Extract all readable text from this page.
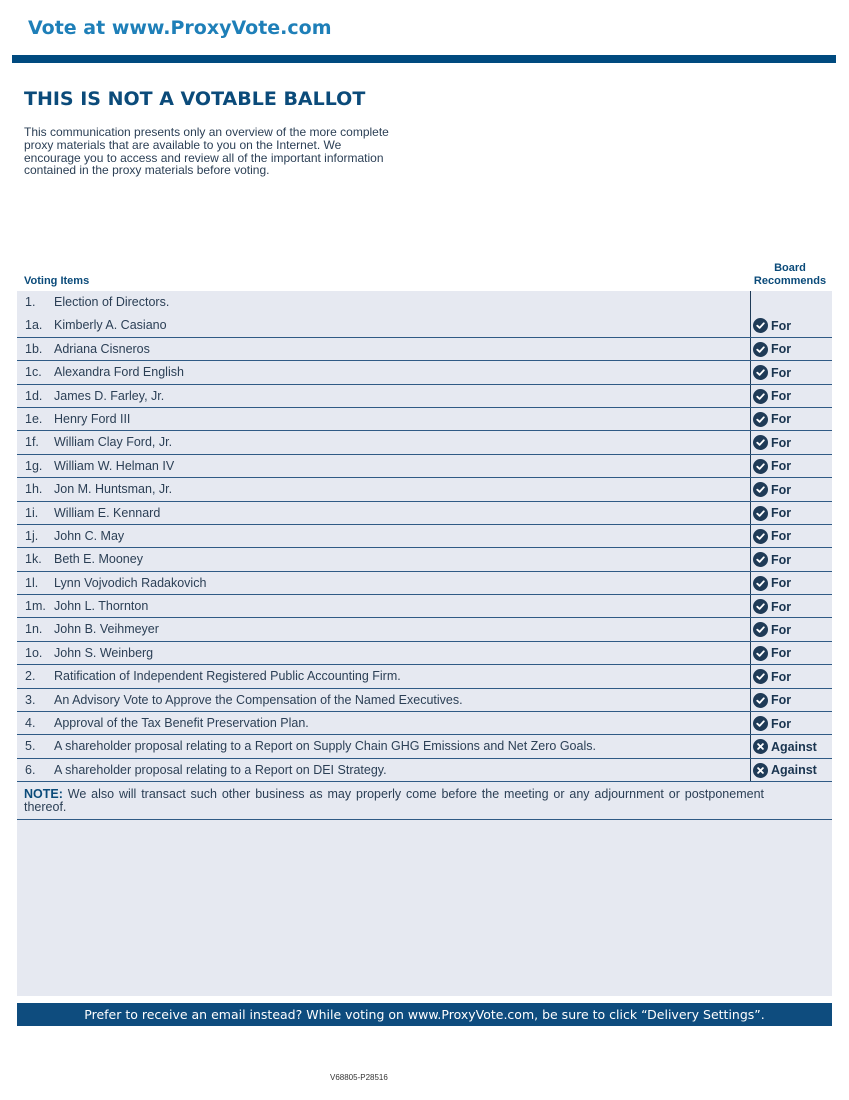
Vote at www.ProxyVote.com
THIS IS NOT A VOTABLE BALLOT
This communication presents only an overview of the more complete proxy materials that are available to you on the Internet. We encourage you to access and review all of the important information contained in the proxy materials before voting.
Voting Items
Board
Recommends
1. Election of Directors.
1a. Kimberly A. Casiano	For
1b. Adriana Cisneros	For
1c. Alexandra Ford English	For
1d. James D. Farley, Jr.	For
1e. Henry Ford III	For
1f. William Clay Ford, Jr.	For
1g. William W. Helman IV	For
1h. Jon M. Huntsman, Jr.	For
1i. William E. Kennard	For
1j. John C. May	For
1k. Beth E. Mooney	For
1l. Lynn Vojvodich Radakovich	For
1m. John L. Thornton	For
1n. John B. Veihmeyer	For
1o. John S. Weinberg	For
2. Ratification of Independent Registered Public Accounting Firm.	For
3. An Advisory Vote to Approve the Compensation of the Named Executives.	For
4. Approval of the Tax Benefit Preservation Plan.	For
5. A shareholder proposal relating to a Report on Supply Chain GHG Emissions and Net Zero Goals.	Against
6. A shareholder proposal relating to a Report on DEI Strategy.	Against
NOTE: We also will transact such other business as may properly come before the meeting or any adjournment or postponement thereof.
Prefer to receive an email instead? While voting on www.ProxyVote.com, be sure to click “Delivery Settings”.
V68805-P28516
